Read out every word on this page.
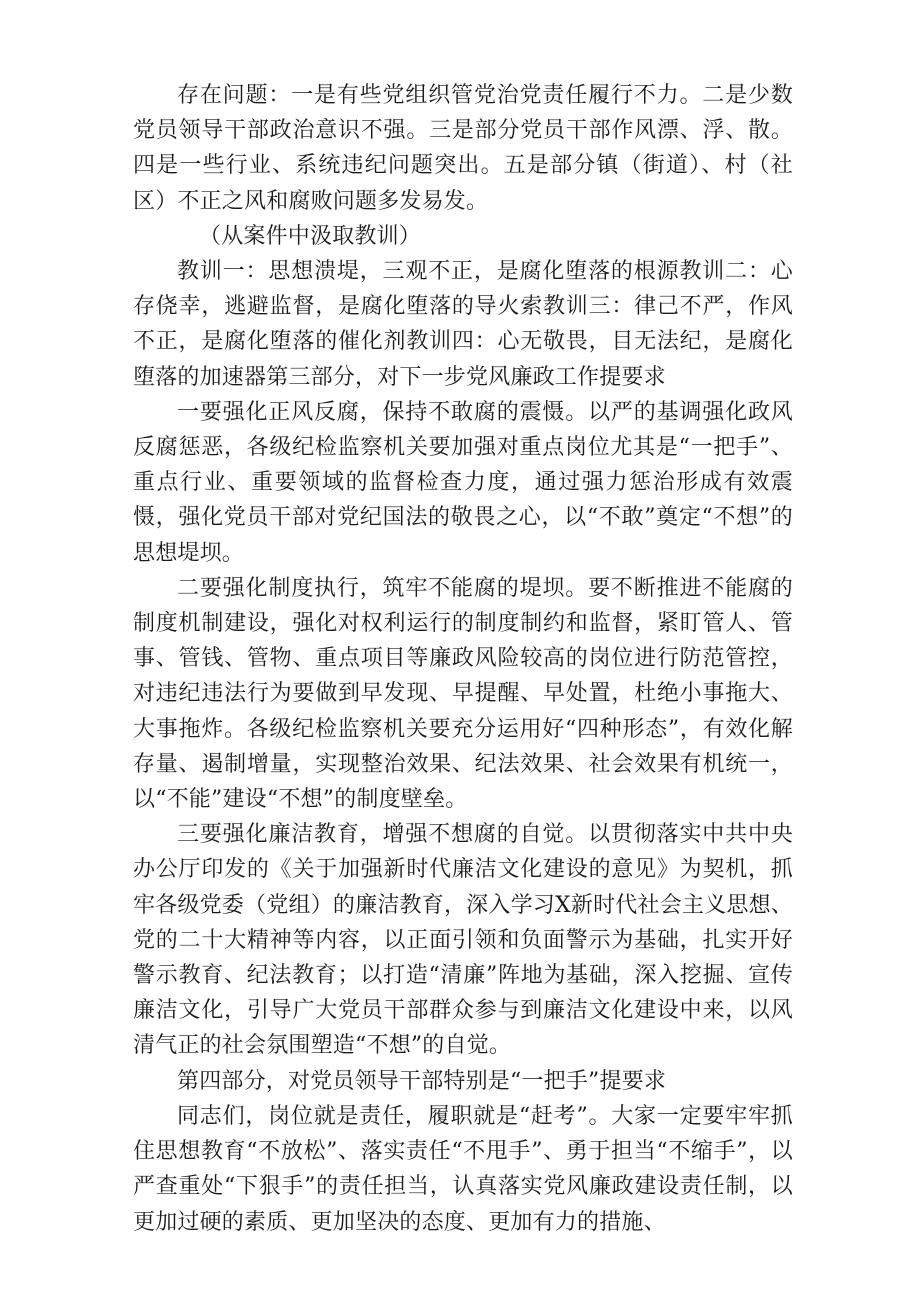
存在问题：一是有些党组织管党治党责任履行不力。二是少数党员领导干部政治意识不强。三是部分党员干部作风漂、浮、散。四是一些行业、系统违纪问题突出。五是部分镇（街道）、村（社区）不正之风和腐败问题多发易发。

（从案件中汲取教训）

教训一：思想溃堤，三观不正，是腐化堕落的根源教训二：心存侥幸，逃避监督，是腐化堕落的导火索教训三：律己不严，作风不正，是腐化堕落的催化剂教训四：心无敬畏，目无法纪，是腐化堕落的加速器第三部分，对下一步党风廉政工作提要求

一要强化正风反腐，保持不敢腐的震慑。以严的基调强化政风反腐惩恶，各级纪检监察机关要加强对重点岗位尤其是“一把手”、重点行业、重要领域的监督检查力度，通过强力惩治形成有效震慑，强化党员干部对党纪国法的敬畏之心，以“不敢”奠定“不想”的思想堤坝。

二要强化制度执行，筑牢不能腐的堤坝。要不断推进不能腐的制度机制建设，强化对权利运行的制度制约和监督，紧盯管人、管事、管钱、管物、重点项目等廉政风险较高的岗位进行防范管控，对违纪违法行为要做到早发现、早提醒、早处置，杜绝小事拖大、大事拖炸。各级纪检监察机关要充分运用好“四种形态”，有效化解存量、遏制增量，实现整治效果、纪法效果、社会效果有机统一，以“不能”建设“不想”的制度壁垒。

三要强化廉洁教育，增强不想腐的自觉。以贯彻落实中共中央办公厅印发的《关于加强新时代廉洁文化建设的意见》为契机，抓牢各级党委（党组）的廉洁教育，深入学习X新时代社会主义思想、党的二十大精神等内容，以正面引领和负面警示为基础，扎实开好警示教育、纪法教育；以打造“清廉”阵地为基础，深入挖掘、宣传廉洁文化，引导广大党员干部群众参与到廉洁文化建设中来，以风清气正的社会氛围塑造“不想”的自觉。

第四部分，对党员领导干部特别是“一把手”提要求

同志们，岗位就是责任，履职就是“赶考”。大家一定要牢牢抓住思想教育“不放松”、落实责任“不甩手”、勇于担当“不缩手”，以严查重处“下狠手”的责任担当，认真落实党风廉政建设责任制，以更加过硬的素质、更加坚决的态度、更加有力的措施、
